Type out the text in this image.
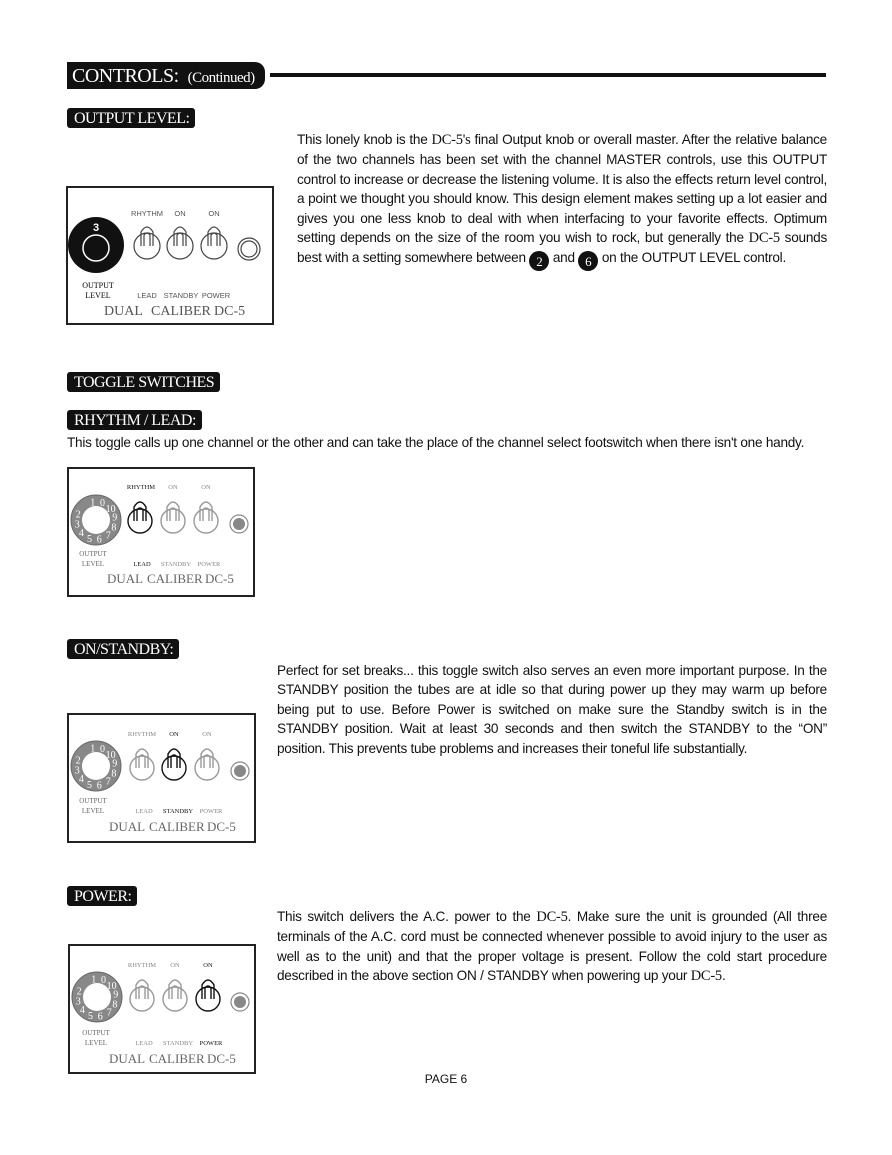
CONTROLS: (Continued)
OUTPUT LEVEL:

This lonely knob is the DC-5's final Output knob or overall master. After the relative balance of the two channels has been set with the channel MASTER controls, use this OUTPUT control to increase or decrease the listening volume. It is also the effects return level control, a point we thought you should know. This design element makes setting up a lot easier and gives you one less knob to deal with when interfacing to your favorite effects. Optimum setting depends on the size of the room you wish to rock, but generally the DC-5 sounds best with a setting somewhere between 2 and 6 on the OUTPUT LEVEL control.

3
OUTPUT
LEVEL
RHYTHM ON	ON
LEAD STANDBY POWER
DUAL CALIBER DC-5
TOGGLE SWITCHES
RHYTHM / LEAD:

This toggle calls up one channel or the other and can take the place of the channel select footswitch when there isn't one handy.

1 0
10
9
8
7
6
5
4
3
2
OUTPUT
LEVEL
RHYTHM ON	ON
LEAD STANDBY POWER
DUAL CALIBER DC-5
ON/STANDBY:

Perfect for set breaks... this toggle switch also serves an even more important purpose. In the STANDBY position the tubes are at idle so that during power up they may warm up before being put to use. Before Power is switched on make sure the Standby switch is in the STANDBY position. Wait at least 30 seconds and then switch the STANDBY to the “ON” position. This prevents tube problems and increases their toneful life substantially.

1 0
10
9
8
7
6
5
4
3
2
OUTPUT
LEVEL
RHYTHM ON	ON
LEAD STANDBY POWER
DUAL CALIBER DC-5
POWER:

This switch delivers the A.C. power to the DC-5. Make sure the unit is grounded (All three terminals of the A.C. cord must be connected whenever possible to avoid injury to the user as well as to the unit) and that the proper voltage is present. Follow the cold start procedure described in the above section ON / STANDBY when powering up your DC-5.

1 0
10
9
8
7
6
5
4
3
2
OUTPUT
LEVEL
RHYTHM ON	ON
LEAD STANDBY POWER
DUAL CALIBER DC-5
PAGE 6
